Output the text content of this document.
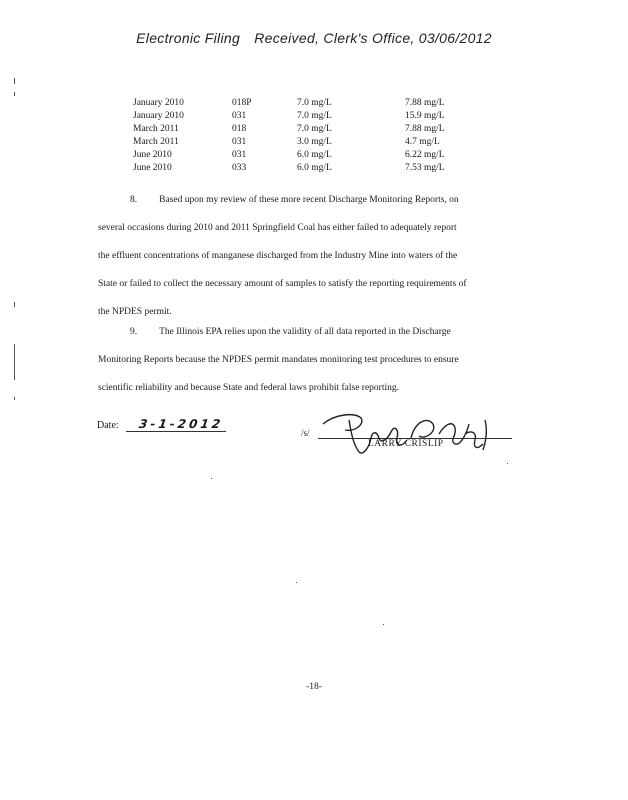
Electronic Filing Received, Clerk's Office, 03/06/2012
January 2010	018P	7.0 mg/L	7.88 mg/L
January 2010	031	7.0 mg/L	15.9 mg/L
March 2011	018	7.0 mg/L	7.88 mg/L
March 2011	031	3.0 mg/L	4.7 mg/L
June 2010	031	6.0 mg/L	6.22 mg/L
June 2010	033	6.0 mg/L	7.53 mg/L
8. Based upon my review of these more recent Discharge Monitoring Reports, on
several occasions during 2010 and 2011 Springfield Coal has either failed to adequately report
the effluent concentrations of manganese discharged from the Industry Mine into waters of the
State or failed to collect the necessary amount of samples to satisfy the reporting requirements of
the NPDES permit.
9. The Illinois EPA relies upon the validity of all data reported in the Discharge
Monitoring Reports because the NPDES permit mandates monitoring test procedures to ensure
scientific reliability and because State and federal laws prohibit false reporting.
Date:	3-1-2012
/s/
LARRY CRISLIP
-18-
